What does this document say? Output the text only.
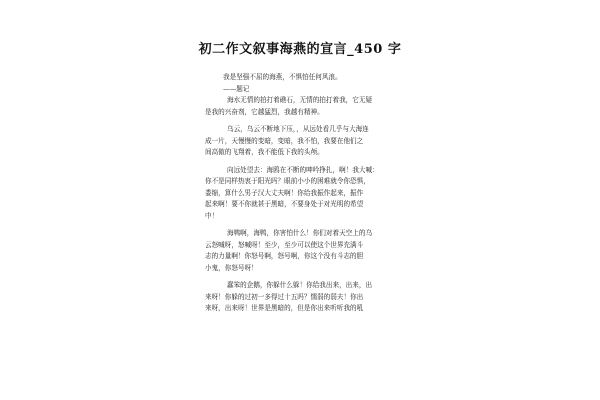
初二作文叙事海燕的宣言_450 字
我是坚强不屈的海燕，不惧怕任何风浪。
——题记
海水无情的拍打着礁石，无情的拍打着我，它无疑
是我的兴奋剂，它越猛烈，我越有精神。
乌云，乌云不断地下压，，从远处看几乎与大海连
成一片，天慢慢的变暗，变暗，我不怕，我要在他们之
间高傲的飞翔着，我不能低下我的头颅。
向远处望去：海鸥在不断的呻吟挣扎，啊！我大喊：
你不是同样热衷于阳光吗？眼前小小的困难就令你恐惧，
娄缩，算什么男子汉大丈夫啊！你给我振作起来，振作
起来啊！要不你就甚于黑暗，不要身处于对光明的希望
中！
海鸭啊，海鸭，你害怕什么！你们对着天空上的乌
云怒喊呀，怒喊呀！至少，至少可以使这个世界充满斗
志的力量啊！你怒号啊，怒号啊，你这个没有斗志的胆
小鬼，你怒号呀！
蠢笨的企鹅，你躲什么躲！你给我出来，出来，出
来呀！你躲的过初一多得过十五吗？懦弱的弱夫！你出
来呀，出来呀！世界是黑暗的，但是你出来听听我的吼
